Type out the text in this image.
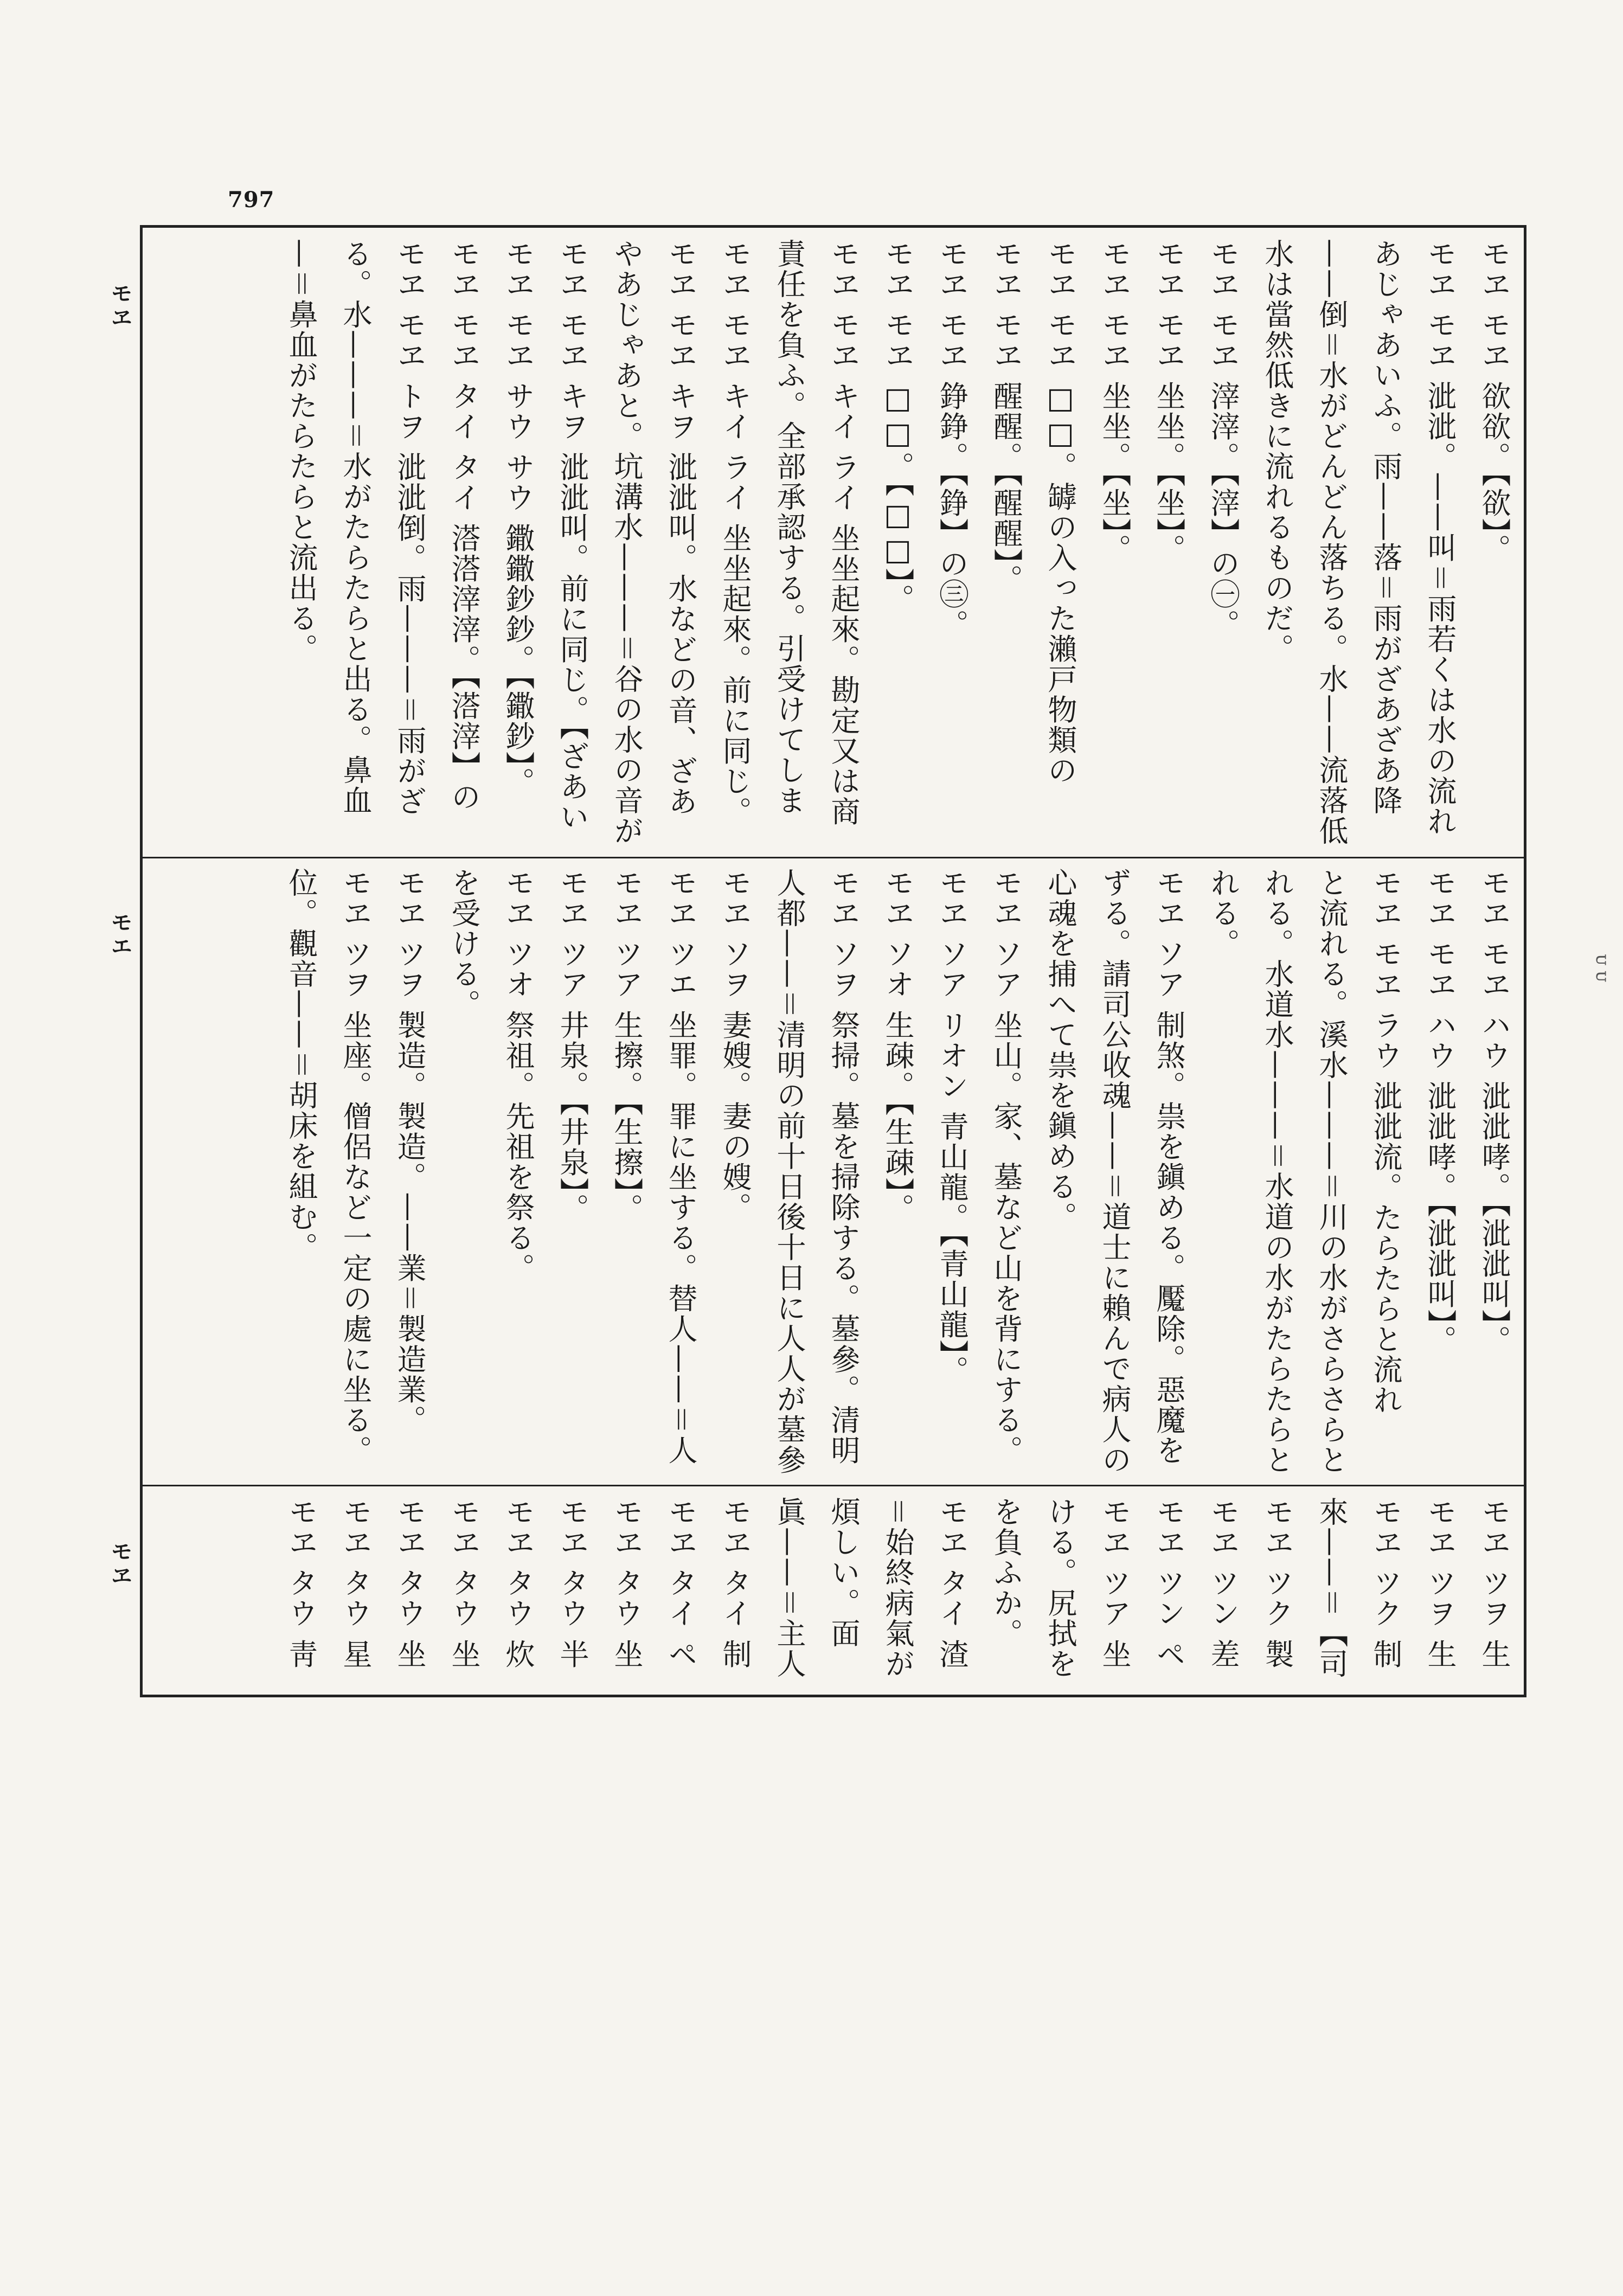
797
モヱ
モエ
モヱ
モヱ モヱ 欲欲。【欲】。
モヱ モヱ 泚泚。——叫＝雨若くは水の流れ
あじゃあいふ。雨——落＝雨がざあざあ降
——倒＝水がどんどん落ちる。水——流落低
水は當然低きに流れるものだ。
モヱ モヱ 滓滓。【滓】の㊀。
モヱ モヱ 坐坐。【坐】。
モヱ モヱ 坐坐。【坐】。
モヱ モヱ □□。罅の入った瀨戸物類の
モヱ モヱ 醒醒。【醒醒】。
モヱ モヱ 錚錚。【錚】の㊂。
モヱ モヱ □□。【□□】。
モヱ モヱ キイ ライ 坐坐起來。勘定又は商
責任を負ふ。全部承認する。引受けてしま
モヱ モヱ キイ ライ 坐坐起來。前に同じ。
モヱ モヱ キヲ 泚泚叫。水などの音、ざあ
やあじゃあと。坑溝水———＝谷の水の音が
モヱ モヱ キヲ 泚泚叫。前に同じ。【ざあい
モヱ モヱ サウ サウ 鏾鏾鈔鈔。【鏾鈔】。
モヱ モヱ タイ タイ 溚溚滓滓。【溚滓】の
モヱ モヱ トヲ 泚泚倒。雨———＝雨がざ
る。水———＝水がたらたらと出る。鼻血
—＝鼻血がたらたらと流出る。
モヱ モヱ ハウ 泚泚哮。【泚泚叫】。
モヱ モヱ ハウ 泚泚哮。【泚泚叫】。
モヱ モヱ ラウ 泚泚流。たらたらと流れ
と流れる。溪水———＝川の水がさらさらと
れる。水道水———＝水道の水がたらたらと
れる。
モヱ ソア 制煞。祟を鎭める。魘除。惡魔を
ずる。請司公收魂——＝道士に賴んで病人の
心魂を捕へて祟を鎭める。
モヱ ソア 坐山。家、墓など山を背にする。
モヱ ソア リオン 青山龍。【青山龍】。
モヱ ソオ 生疎。【生疎】。
モヱ ソヲ 祭掃。墓を掃除する。墓參。清明
人都——＝清明の前十日後十日に人人が墓參
モヱ ソヲ 妻嫂。妻の嫂。
モヱ ツエ 坐罪。罪に坐する。替人——＝人
モヱ ツア 生擦。【生擦】。
モヱ ツア 井泉。【井泉】。
モヱ ツオ 祭祖。先祖を祭る。
を受ける。
モヱ ツヲ 製造。製造。——業＝製造業。
モヱ ツヲ 坐座。僧侶など一定の處に坐る。
位。觀音——＝胡床を組む。
モヱ ツヲ 生
モヱ ツヲ 生
モヱ ツク 制
來——＝【司
モヱ ツク 製
モヱ ツン 差
モヱ ツン ペ
モヱ ツア 坐
ける。尻拭を
を負ふか。
モヱ タイ 渣
＝始終病氣が
煩しい。面
眞——＝主人
モヱ タイ 制
モヱ タイ ペ
モヱ タウ 坐
モヱ タウ 半
モヱ タウ 炊
モヱ タウ 坐
モヱ タウ 坐
モヱ タウ 星
モヱ タウ 靑
ᴜ ᴜ
